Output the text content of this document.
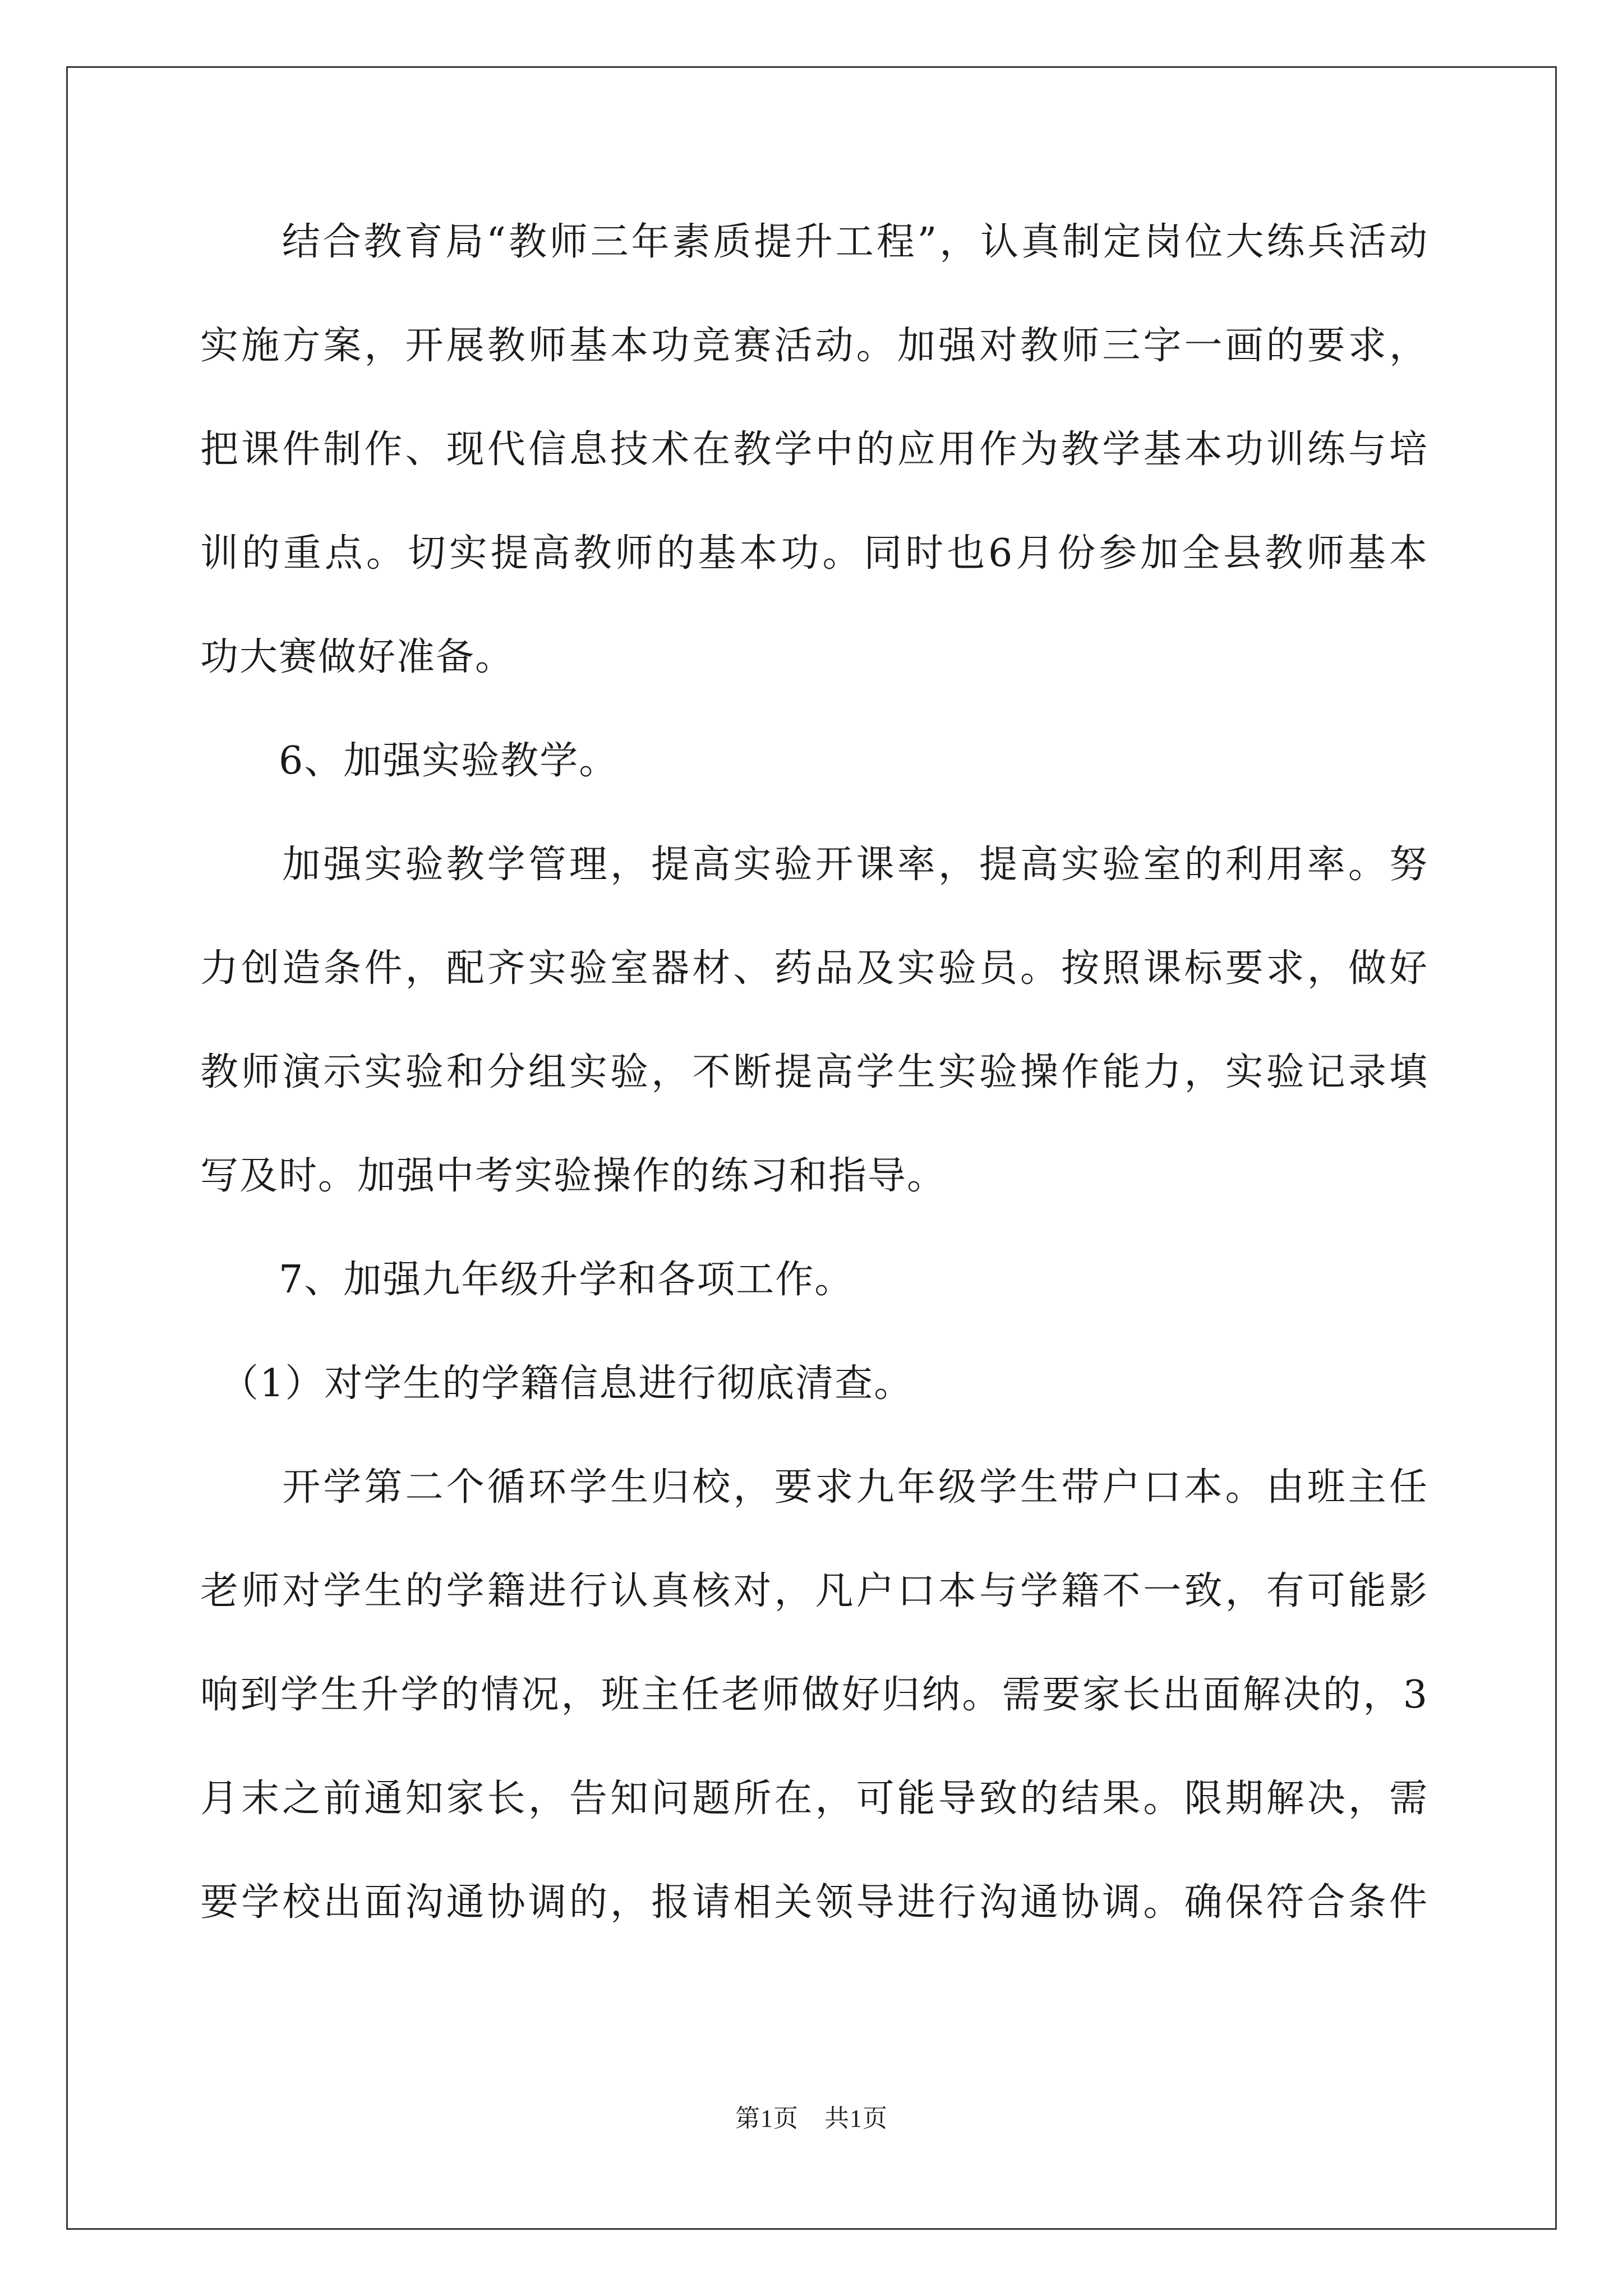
　　结合教育局“教师三年素质提升工程”，认真制定岗位大练兵活动
实施方案，开展教师基本功竞赛活动。加强对教师三字一画的要求，
把课件制作、现代信息技术在教学中的应用作为教学基本功训练与培
训的重点。切实提高教师的基本功。同时也6月份参加全县教师基本
功大赛做好准备。
　　6、加强实验教学。
　　加强实验教学管理，提高实验开课率，提高实验室的利用率。努
力创造条件，配齐实验室器材、药品及实验员。按照课标要求，做好
教师演示实验和分组实验，不断提高学生实验操作能力，实验记录填
写及时。加强中考实验操作的练习和指导。
　　7、加强九年级升学和各项工作。
　（1）对学生的学籍信息进行彻底清查。
　　开学第二个循环学生归校，要求九年级学生带户口本。由班主任
老师对学生的学籍进行认真核对，凡户口本与学籍不一致，有可能影
响到学生升学的情况，班主任老师做好归纳。需要家长出面解决的，3
月末之前通知家长，告知问题所在，可能导致的结果。限期解决，需
要学校出面沟通协调的，报请相关领导进行沟通协调。确保符合条件
第1页 共1页
